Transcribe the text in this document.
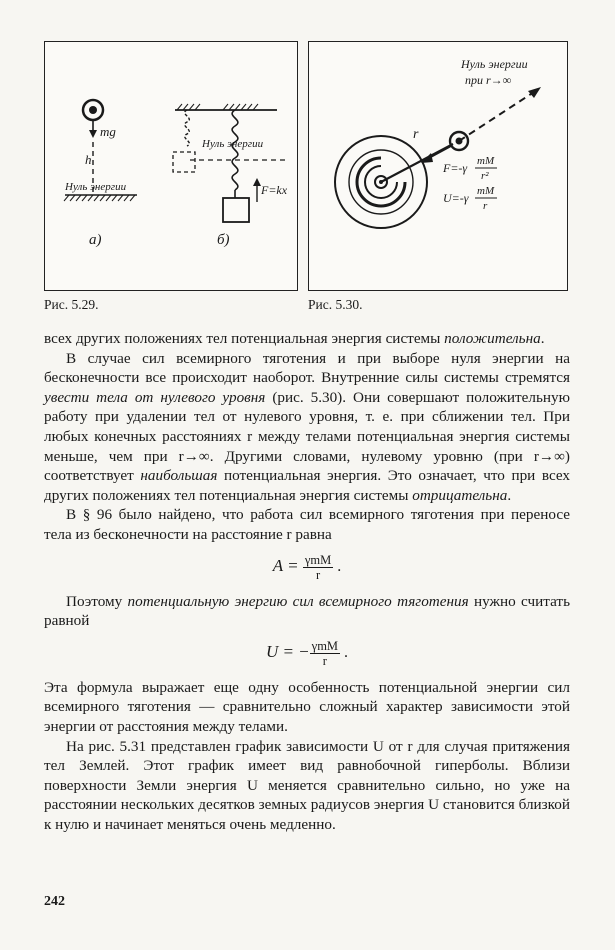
mg
h
Нуль энергии
а)
Нуль энергии
F=kx
б)
Рис. 5.29.
Нуль энергии
при r→∞
r
F=-γ mM
r²
U=-γ mM
r
Рис. 5.30.

всех других положениях тел потенциальная энергия системы положительна.

В случае сил всемирного тяготения и при выборе нуля энергии на бесконечности все происходит наоборот. Внутренние силы системы стремятся увести тела от нулевого уровня (рис. 5.30). Они совершают положительную работу при удалении тел от нулевого уровня, т. е. при сближении тел. При любых конечных расстояниях r между телами потенциальная энергия системы меньше, чем при r→∞. Другими словами, нулевому уровню (при r→∞) соответствует наибольшая потенциальная энергия. Это означает, что при всех других положениях тел потенциальная энергия системы отрицательна.

В § 96 было найдено, что работа сил всемирного тяготения при переносе тела из бесконечности на расстояние r равна

$A = \frac{\text{γmM}}{r}$ .

Поэтому потенциальную энергию сил всемирного тяготения нужно считать равной

U = − $\frac{\text{γmM}}{r}$ .

Эта формула выражает еще одну особенность потенциальной энергии сил всемирного тяготения — сравнительно сложный характер зависимости этой энергии от расстояния между телами.

На рис. 5.31 представлен график зависимости U от r для случая притяжения тел Землей. Этот график имеет вид равнобочной гиперболы. Вблизи поверхности Земли энергия U меняется сравнительно сильно, но уже на расстоянии нескольких десятков земных радиусов энергия U становится близкой к нулю и начинает меняться очень медленно.

242
